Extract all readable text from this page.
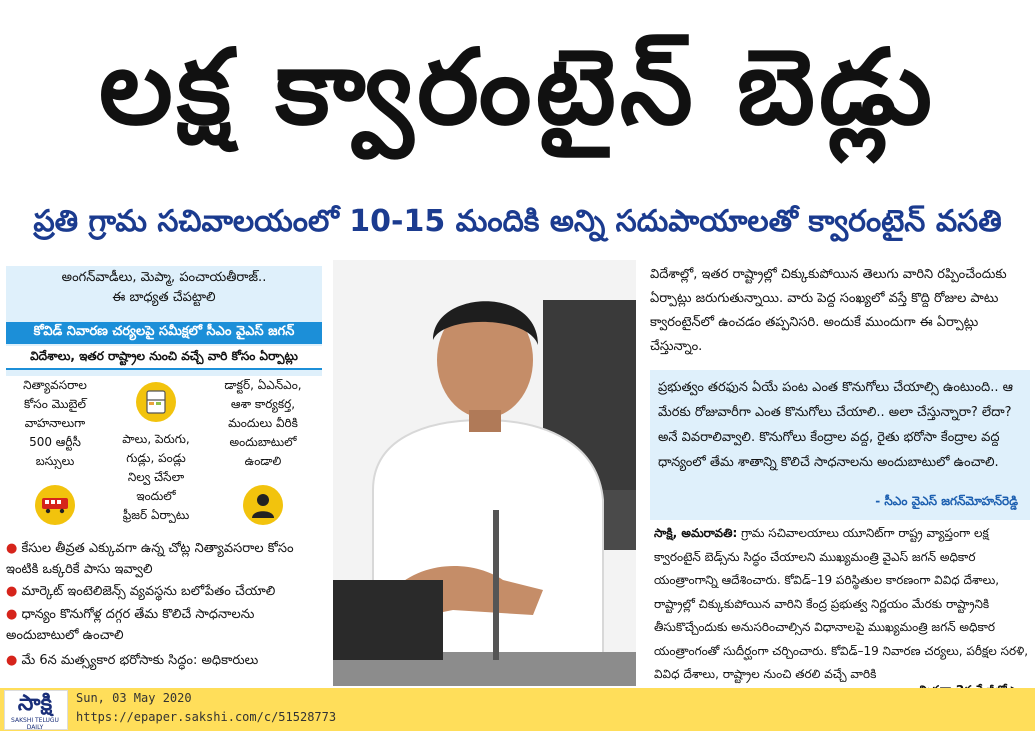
లక్ష క్వారంటైన్ బెడ్లు
ప్రతి గ్రామ సచివాలయంలో 10-15 మందికి అన్ని సదుపాయాలతో క్వారంటైన్ వసతి
అంగన్‌వాడీలు, మెప్మా, పంచాయతీరాజ్..
ఈ బాధ్యత చేపట్టాలి
కోవిడ్ నివారణ చర్యలపై సమీక్షలో సీఎం వైఎస్ జగన్
విదేశాలు, ఇతర రాష్ట్రాల నుంచి వచ్చే వారి కోసం ఏర్పాట్లు
నిత్యావసరాల
కోసం మొబైల్
వాహనాలుగా
500 ఆర్టీసీ
బస్సులు
పాలు, పెరుగు,
గుడ్లు, పండ్లు
నిల్వ చేసేలా
ఇందులో
ఫ్రీజర్ ఏర్పాటు
డాక్టర్, ఏఎన్ఎం,
ఆశా కార్యకర్త,
మందులు వీరికి
అందుబాటులో
ఉండాలి
● కేసుల తీవ్రత ఎక్కువగా ఉన్న చోట్ల నిత్యావసరాల కోసం ఇంటికి ఒక్కరికే పాసు ఇవ్వాలి
● మార్కెట్ ఇంటెలిజెన్స్ వ్యవస్థను బలోపేతం చేయాలి
● ధాన్యం కొనుగోళ్ల దగ్గర తేమ కొలిచే సాధనాలను అందుబాటులో ఉంచాలి
● మే 6న మత్స్యకార భరోసాకు సిద్ధం: అధికారులు
విదేశాల్లో, ఇతర రాష్ట్రాల్లో చిక్కుకుపోయిన తెలుగు వారిని రప్పించేందుకు ఏర్పాట్లు జరుగుతున్నాయి. వారు పెద్ద సంఖ్యలో వస్తే కొద్ది రోజుల పాటు క్వారంటైన్‌లో ఉంచడం తప్పనిసరి. అందుకే ముందుగా ఈ ఏర్పాట్లు చేస్తున్నాం.
ప్రభుత్వం తరఫున ఏయే పంట ఎంత కొనుగోలు చేయాల్సి ఉంటుంది.. ఆ మేరకు రోజువారీగా ఎంత కొనుగోలు చేయాలి.. అలా చేస్తున్నారా? లేదా? అనే వివరాలివ్వాలి. కొనుగోలు కేంద్రాల వద్ద, రైతు భరోసా కేంద్రాల వద్ద ధాన్యంలో తేమ శాతాన్ని కొలిచే సాధనాలను అందుబాటులో ఉంచాలి.
- సీఎం వైఎస్ జగన్‌మోహన్‌రెడ్డి
సాక్షి, అమరావతి: గ్రామ సచివాలయాలు యూనిట్‌గా రాష్ట్ర వ్యాప్తంగా లక్ష క్వారంటైన్ బెడ్స్‌ను సిద్ధం చేయాలని ముఖ్యమంత్రి వైఎస్ జగన్ అధికార యంత్రాంగాన్ని ఆదేశించారు. కోవిడ్–19 పరిస్థితుల కారణంగా వివిధ దేశాలు, రాష్ట్రాల్లో చిక్కుకుపోయిన వారిని కేంద్ర ప్రభుత్వ నిర్ణయం మేరకు రాష్ట్రానికి తీసుకొచ్చేందుకు అనుసరించాల్సిన విధానాలపై ముఖ్యమంత్రి జగన్ అధికార యంత్రాంగంతో సుదీర్ఘంగా చర్చించారు. కోవిడ్–19 నివారణ చర్యలు, పరీక్షల సరళి, వివిధ దేశాలు, రాష్ట్రాల నుంచి తరలి వచ్చే వారికి
సాక్షి
SAKSHI TELUGU DAILY
Sun, 03 May 2020
https://epaper.sakshi.com/c/51528773
